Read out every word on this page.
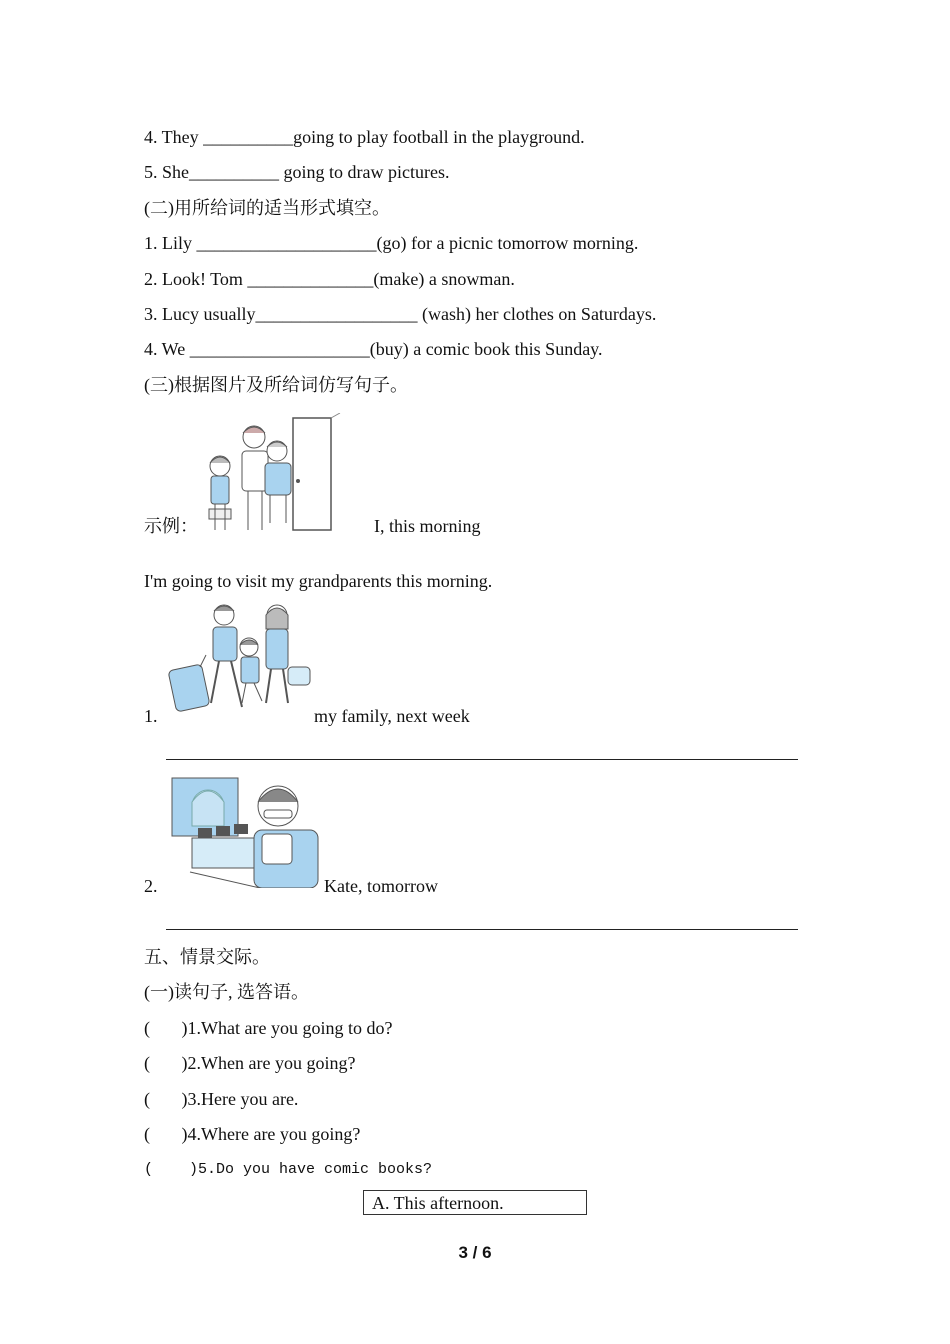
4. They __________going to play football in the playground.
5. She__________ going to draw pictures.
(二)用所给词的适当形式填空。
1. Lily ____________________(go) for a picnic tomorrow morning.
2. Look! Tom ______________(make) a snowman.
3. Lucy usually__________________ (wash) her clothes on Saturdays.
4. We ____________________(buy) a comic book this Sunday.
(三)根据图片及所给词仿写句子。
示例：	I, this morning
I'm going to visit my grandparents this morning.
1.	my family, next week
2.	Kate, tomorrow
五、情景交际。
(一)读句子, 选答语。
(       )1.What are you going to do?
(       )2.When are you going?
(       )3.Here you are.
(       )4.Where are you going?
(    )5.Do you have comic books?
A. This afternoon.
3 / 6
